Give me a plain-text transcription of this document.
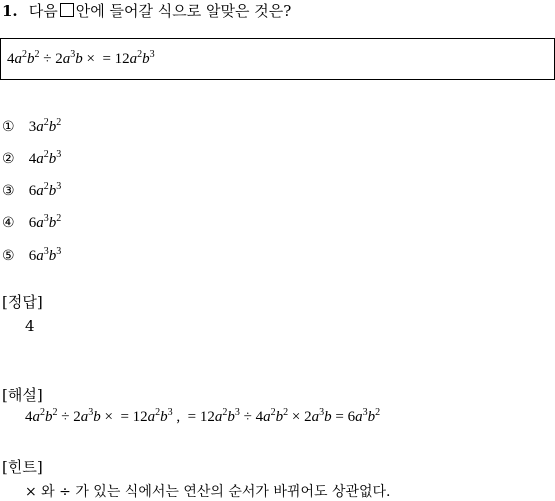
1. 다음 안에 들어갈 식으로 알맞은 것은?
$4a^2b^2 \div 2a^3b$ × = $12a^2b^3$
① $3a^2b^2$
② $4a^2b^3$
③ $6a^2b^3$
④ $6a^3b^2$
⑤ $6a^3b^3$
[정답]
4
[해설]
$4a^2b^2 \div 2a^3b$ × = $12a^2b^3$ , = $12a^2b^3 \div 4a^2b^2 \times 2a^3b = 6a^3b^2$
[힌트]
× 와 ÷ 가 있는 식에서는 연산의 순서가 바뀌어도 상관없다.
